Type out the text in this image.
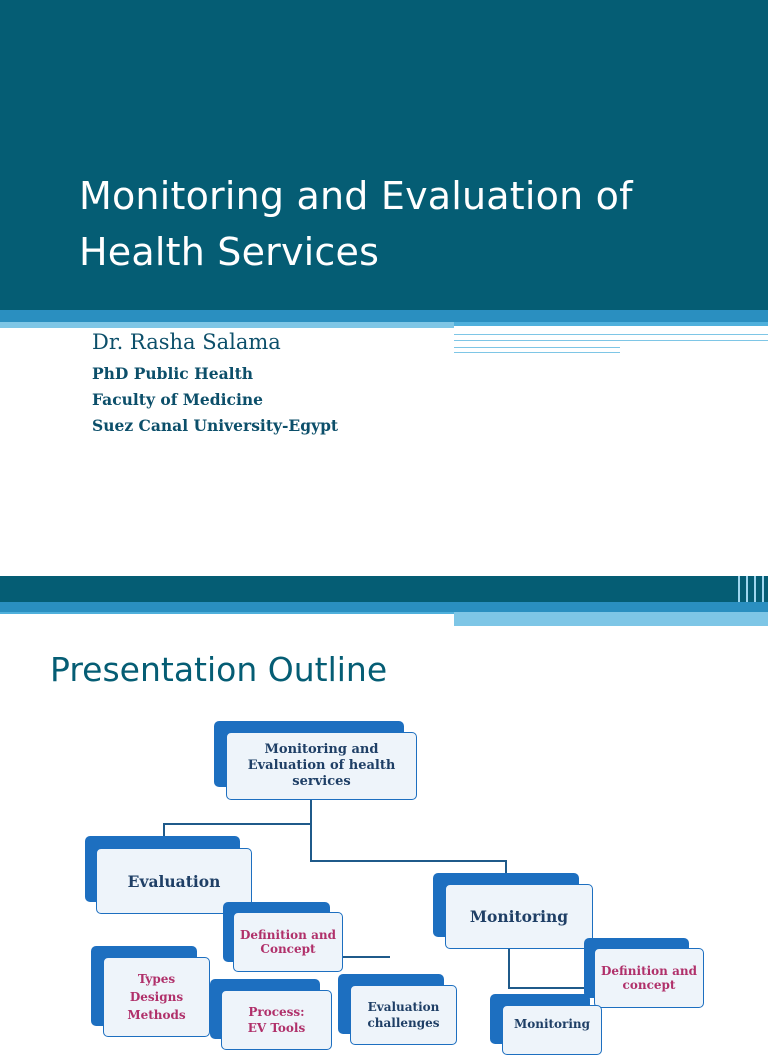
Monitoring and Evaluation of
Health Services
Dr. Rasha Salama
PhD Public Health
Faculty of Medicine
Suez Canal University-Egypt
Presentation Outline
Monitoring and
Evaluation of health
services
Evaluation
Monitoring
Definition and
Concept
Definition and
concept
Types
Designs
Methods	Process:
EV Tools
Evaluation
challenges	Monitoring
